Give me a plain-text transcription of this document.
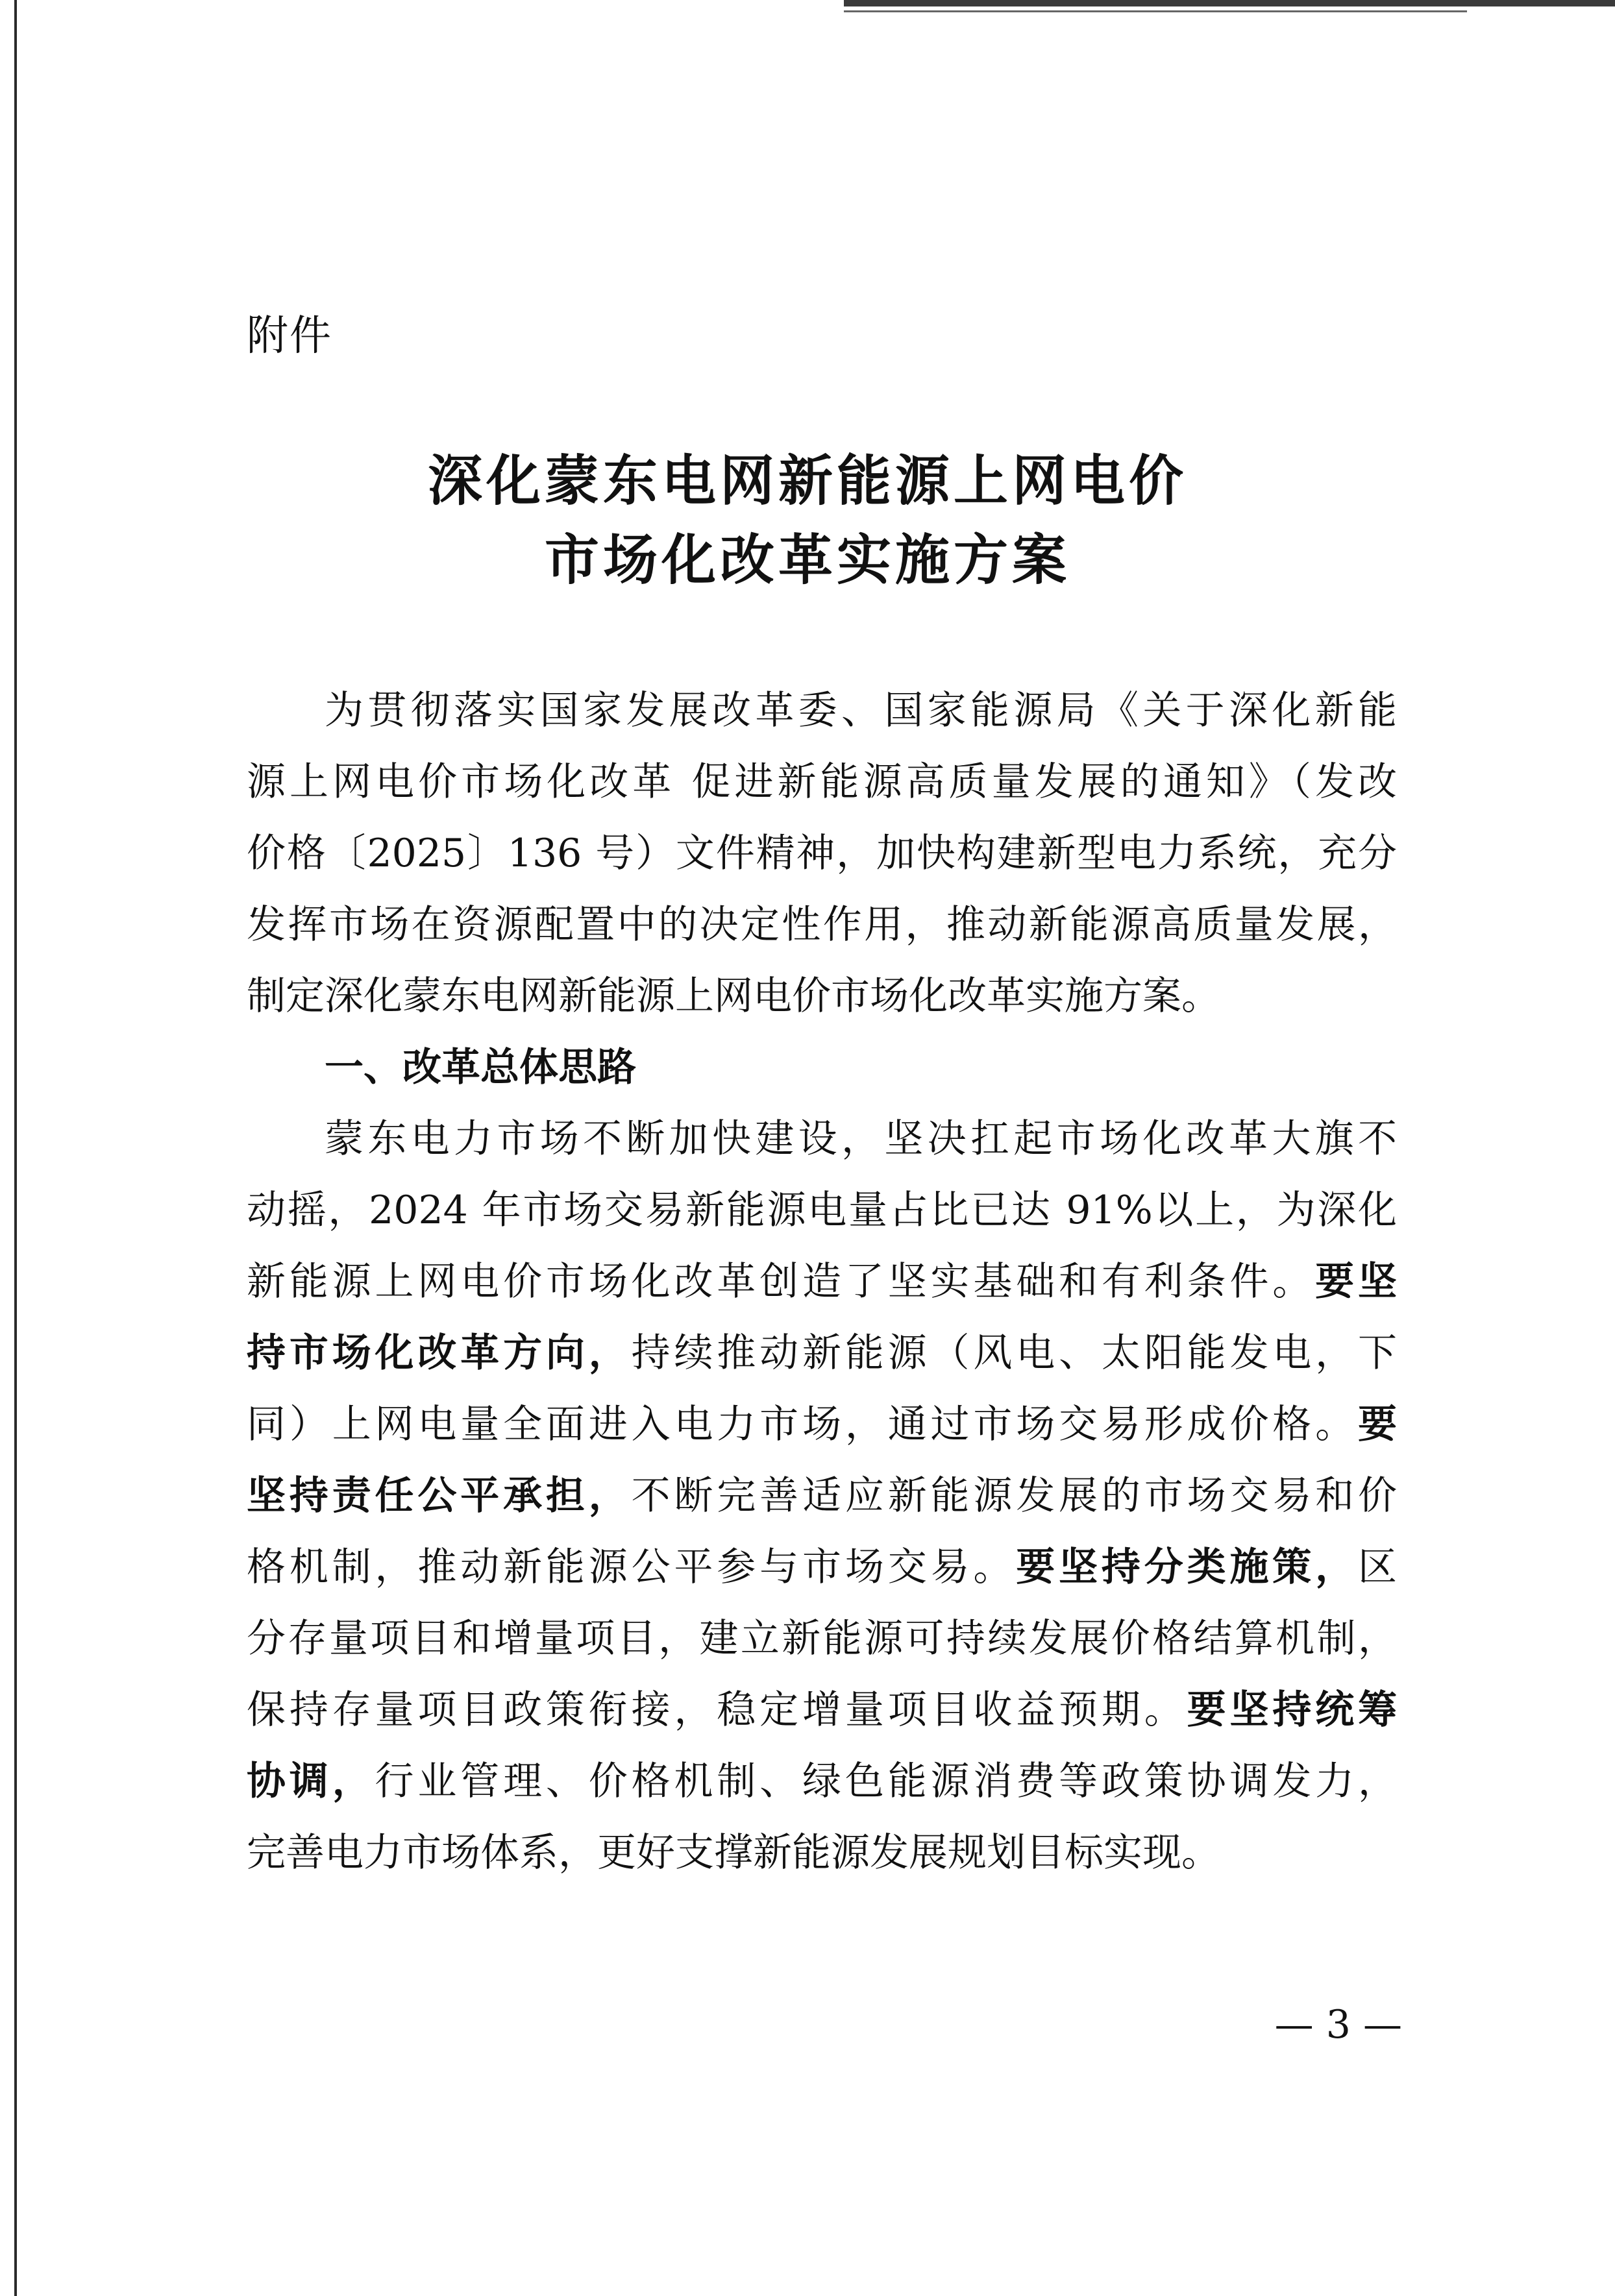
附件
深化蒙东电网新能源上网电价
市场化改革实施方案
为贯彻落实国家发展改革委、国家能源局《关于深化新能
源上网电价市场化改革 促进新能源高质量发展的通知》（发改
价格〔2025〕136 号）文件精神，加快构建新型电力系统，充分
发挥市场在资源配置中的决定性作用，推动新能源高质量发展，
制定深化蒙东电网新能源上网电价市场化改革实施方案。
一、改革总体思路
蒙东电力市场不断加快建设，坚决扛起市场化改革大旗不
动摇，2024 年市场交易新能源电量占比已达 91%以上，为深化
新能源上网电价市场化改革创造了坚实基础和有利条件。要坚
持市场化改革方向，持续推动新能源（风电、太阳能发电，下
同）上网电量全面进入电力市场，通过市场交易形成价格。要
坚持责任公平承担，不断完善适应新能源发展的市场交易和价
格机制，推动新能源公平参与市场交易。要坚持分类施策，区
分存量项目和增量项目，建立新能源可持续发展价格结算机制，
保持存量项目政策衔接，稳定增量项目收益预期。要坚持统筹
协调，行业管理、价格机制、绿色能源消费等政策协调发力，
完善电力市场体系，更好支撑新能源发展规划目标实现。
— 3 —
